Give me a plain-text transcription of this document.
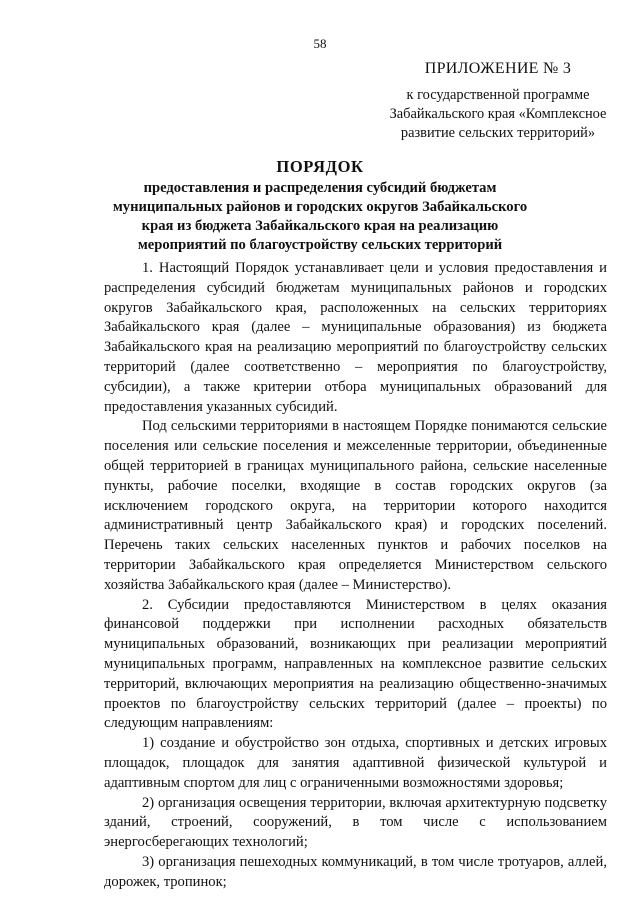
58
ПРИЛОЖЕНИЕ № 3
к государственной программе Забайкальского края «Комплексное развитие сельских территорий»
ПОРЯДОК
предоставления и распределения субсидий бюджетам муниципальных районов и городских округов Забайкальского края из бюджета Забайкальского края на реализацию мероприятий по благоустройству сельских территорий

1. Настоящий Порядок устанавливает цели и условия предоставления и распределения субсидий бюджетам муниципальных районов и городских округов Забайкальского края, расположенных на сельских территориях Забайкальского края (далее – муниципальные образования) из бюджета Забайкальского края на реализацию мероприятий по благоустройству сельских территорий (далее соответственно – мероприятия по благоустройству, субсидии), а также критерии отбора муниципальных образований для предоставления указанных субсидий.

Под сельскими территориями в настоящем Порядке понимаются сельские поселения или сельские поселения и межселенные территории, объединенные общей территорией в границах муниципального района, сельские населенные пункты, рабочие поселки, входящие в состав городских округов (за исключением городского округа, на территории которого находится административный центр Забайкальского края) и городских поселений. Перечень таких сельских населенных пунктов и рабочих поселков на территории Забайкальского края определяется Министерством сельского хозяйства Забайкальского края (далее – Министерство).

2. Субсидии предоставляются Министерством в целях оказания финансовой поддержки при исполнении расходных обязательств муниципальных образований, возникающих при реализации мероприятий муниципальных программ, направленных на комплексное развитие сельских территорий, включающих мероприятия на реализацию общественно-значимых проектов по благоустройству сельских территорий (далее – проекты) по следующим направлениям:

1) создание и обустройство зон отдыха, спортивных и детских игровых площадок, площадок для занятия адаптивной физической культурой и адаптивным спортом для лиц с ограниченными возможностями здоровья;

2) организация освещения территории, включая архитектурную подсветку зданий, строений, сооружений, в том числе с использованием энергосберегающих технологий;

3) организация пешеходных коммуникаций, в том числе тротуаров, аллей, дорожек, тропинок;
